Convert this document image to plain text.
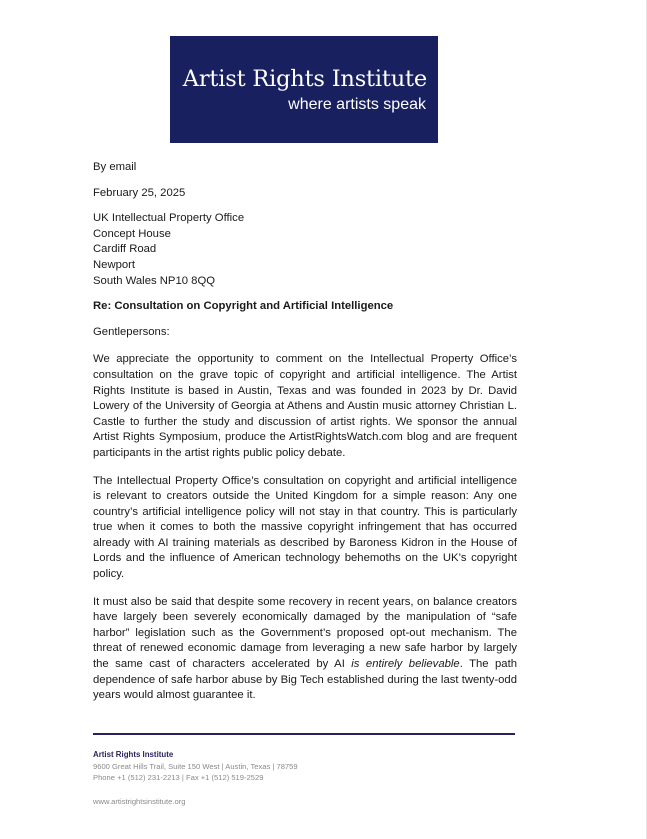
Artist Rights Institute
where artists speak

By email

February 25, 2025

UK Intellectual Property Office

Concept House

Cardiff Road

Newport

South Wales NP10 8QQ

Re: Consultation on Copyright and Artificial Intelligence

Gentlepersons:

We appreciate the opportunity to comment on the Intellectual Property Office’s consultation on the grave topic of copyright and artificial intelligence. The Artist Rights Institute is based in Austin, Texas and was founded in 2023 by Dr. David Lowery of the University of Georgia at Athens and Austin music attorney Christian L. Castle to further the study and discussion of artist rights. We sponsor the annual Artist Rights Symposium, produce the ArtistRightsWatch.com blog and are frequent participants in the artist rights public policy debate.

The Intellectual Property Office’s consultation on copyright and artificial intelligence is relevant to creators outside the United Kingdom for a simple reason: Any one country’s artificial intelligence policy will not stay in that country. This is particularly true when it comes to both the massive copyright infringement that has occurred already with AI training materials as described by Baroness Kidron in the House of Lords and the influence of American technology behemoths on the UK’s copyright policy.

It must also be said that despite some recovery in recent years, on balance creators have largely been severely economically damaged by the manipulation of “safe harbor” legislation such as the Government’s proposed opt-out mechanism. The threat of renewed economic damage from leveraging a new safe harbor by largely the same cast of characters accelerated by AI is entirely believable. The path dependence of safe harbor abuse by Big Tech established during the last twenty-odd years would almost guarantee it.

Artist Rights Institute
9600 Great Hills Trail, Suite 150 West | Austin, Texas | 78759
Phone +1 (512) 231-2213 | Fax +1 (512) 519-2529
www.artistrightsinstitute.org
